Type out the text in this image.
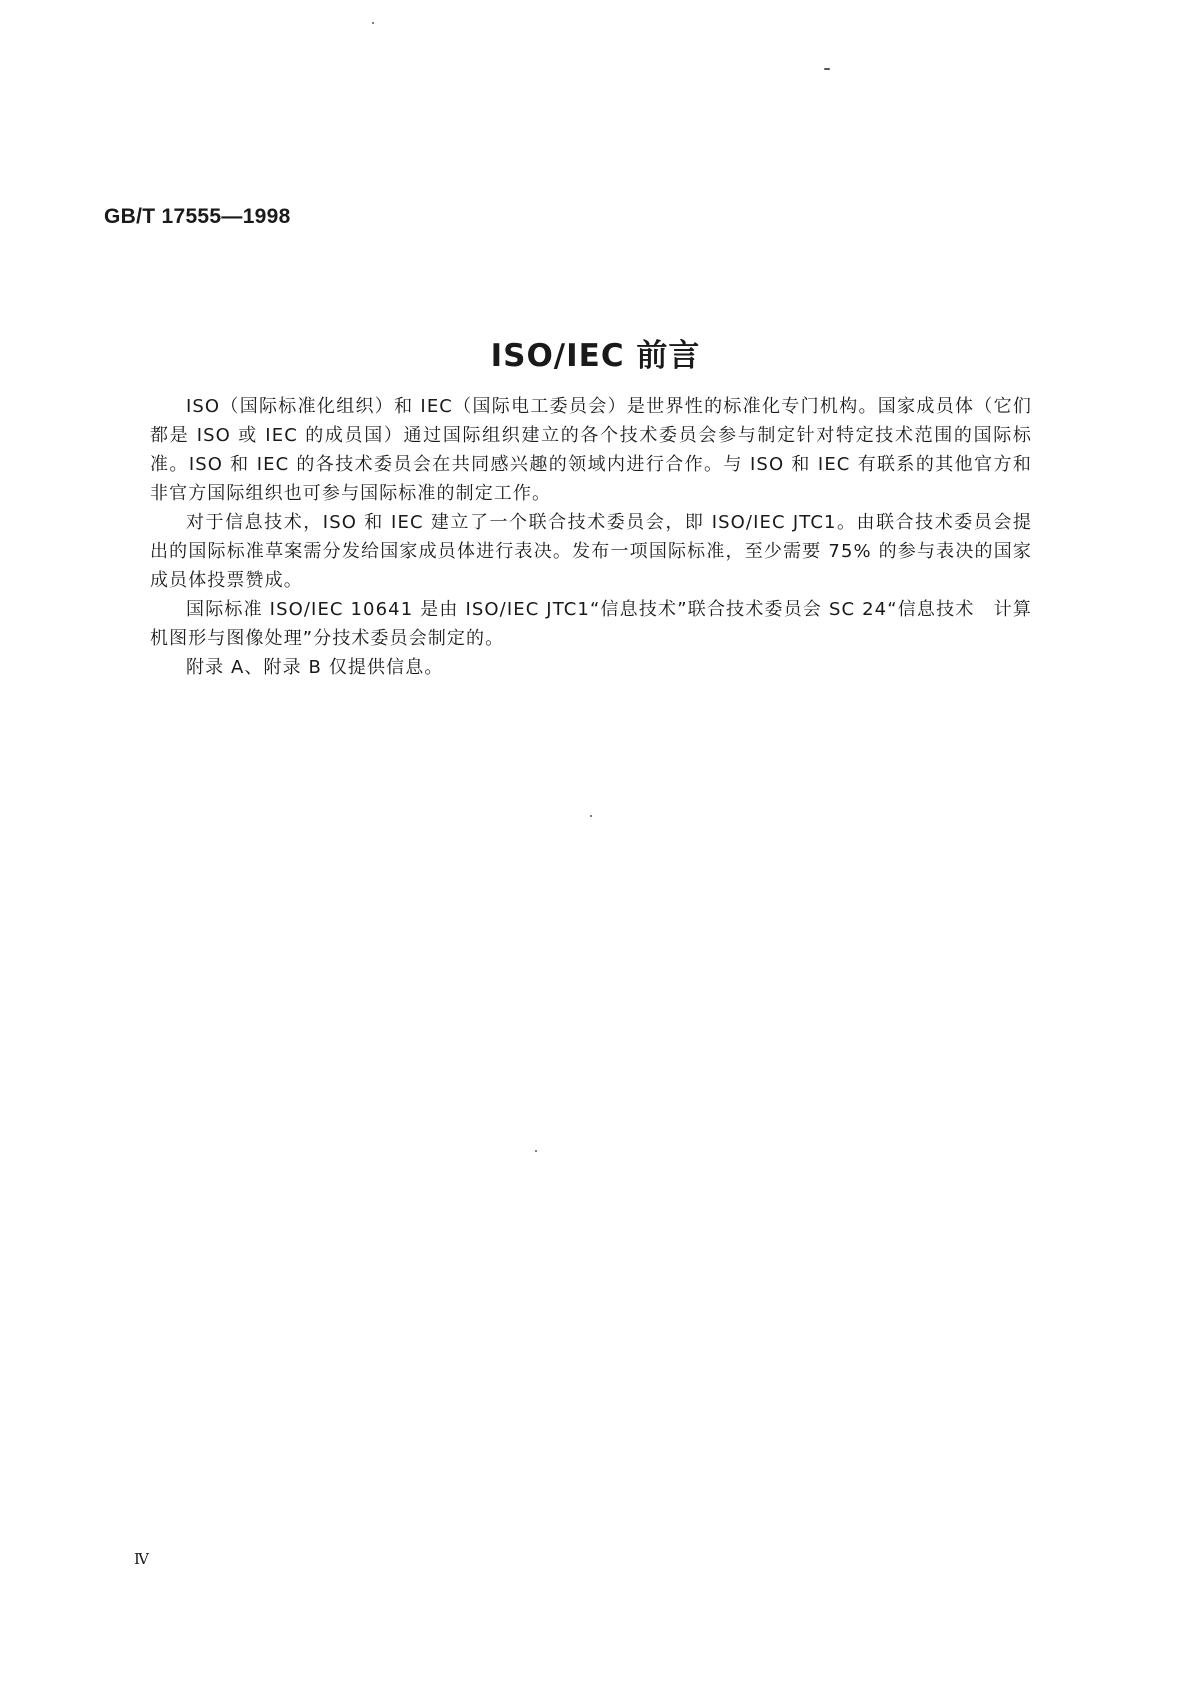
GB/T 17555—1998
ISO/IEC 前言

ISO（国际标准化组织）和 IEC（国际电工委员会）是世界性的标准化专门机构。国家成员体（它们都是 ISO 或 IEC 的成员国）通过国际组织建立的各个技术委员会参与制定针对特定技术范围的国际标准。ISO 和 IEC 的各技术委员会在共同感兴趣的领域内进行合作。与 ISO 和 IEC 有联系的其他官方和非官方国际组织也可参与国际标准的制定工作。

对于信息技术，ISO 和 IEC 建立了一个联合技术委员会，即 ISO/IEC JTC1。由联合技术委员会提出的国际标准草案需分发给国家成员体进行表决。发布一项国际标准，至少需要 75% 的参与表决的国家成员体投票赞成。

国际标准 ISO/IEC 10641 是由 ISO/IEC JTC1“信息技术”联合技术委员会 SC 24“信息技术　计算机图形与图像处理”分技术委员会制定的。

附录 A、附录 B 仅提供信息。

Ⅳ
